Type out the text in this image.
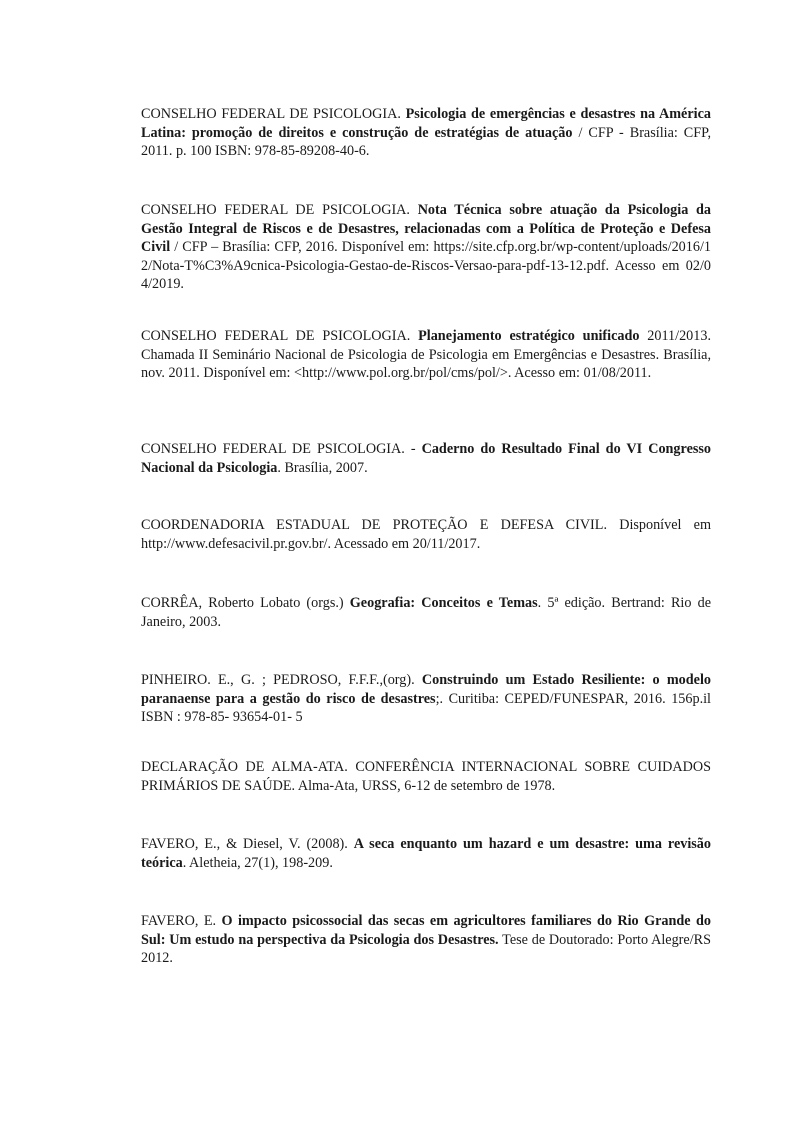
CONSELHO FEDERAL DE PSICOLOGIA. Psicologia de emergências e desastres na América Latina: promoção de direitos e construção de estratégias de atuação / CFP - Brasília: CFP, 2011. p. 100 ISBN: 978-85-89208-40-6.

CONSELHO FEDERAL DE PSICOLOGIA. Nota Técnica sobre atuação da Psicologia da Gestão Integral de Riscos e de Desastres, relacionadas com a Política de Proteção e Defesa Civil / CFP – Brasília: CFP, 2016. Disponível em: https://site.cfp.org.br/wp-content/uploads/2016/12/Nota-T%C3%A9cnica-Psicologia-Gestao-de-Riscos-Versao-para-pdf-13-12.pdf. Acesso em 02/04/2019.

CONSELHO FEDERAL DE PSICOLOGIA. Planejamento estratégico unificado 2011/2013. Chamada II Seminário Nacional de Psicologia de Psicologia em Emergências e Desastres. Brasília, nov. 2011. Disponível em: <http://www.pol.org.br/pol/cms/pol/>. Acesso em: 01/08/2011.

CONSELHO FEDERAL DE PSICOLOGIA. - Caderno do Resultado Final do VI Congresso Nacional da Psicologia. Brasília, 2007.

COORDENADORIA ESTADUAL DE PROTEÇÃO E DEFESA CIVIL. Disponível em http://www.defesacivil.pr.gov.br/. Acessado em 20/11/2017.

CORRÊA, Roberto Lobato (orgs.) Geografia: Conceitos e Temas. 5ª edição. Bertrand: Rio de Janeiro, 2003.

PINHEIRO. E., G. ; PEDROSO, F.F.F.,(org). Construindo um Estado Resiliente: o modelo paranaense para a gestão do risco de desastres;. Curitiba: CEPED/FUNESPAR, 2016. 156p.il ISBN : 978-85- 93654-01- 5

DECLARAÇÃO DE ALMA-ATA. CONFERÊNCIA INTERNACIONAL SOBRE CUIDADOS PRIMÁRIOS DE SAÚDE. Alma-Ata, URSS, 6-12 de setembro de 1978.

FAVERO, E., & Diesel, V. (2008). A seca enquanto um hazard e um desastre: uma revisão teórica. Aletheia, 27(1), 198-209.

FAVERO, E. O impacto psicossocial das secas em agricultores familiares do Rio Grande do Sul: Um estudo na perspectiva da Psicologia dos Desastres. Tese de Doutorado: Porto Alegre/RS 2012.
